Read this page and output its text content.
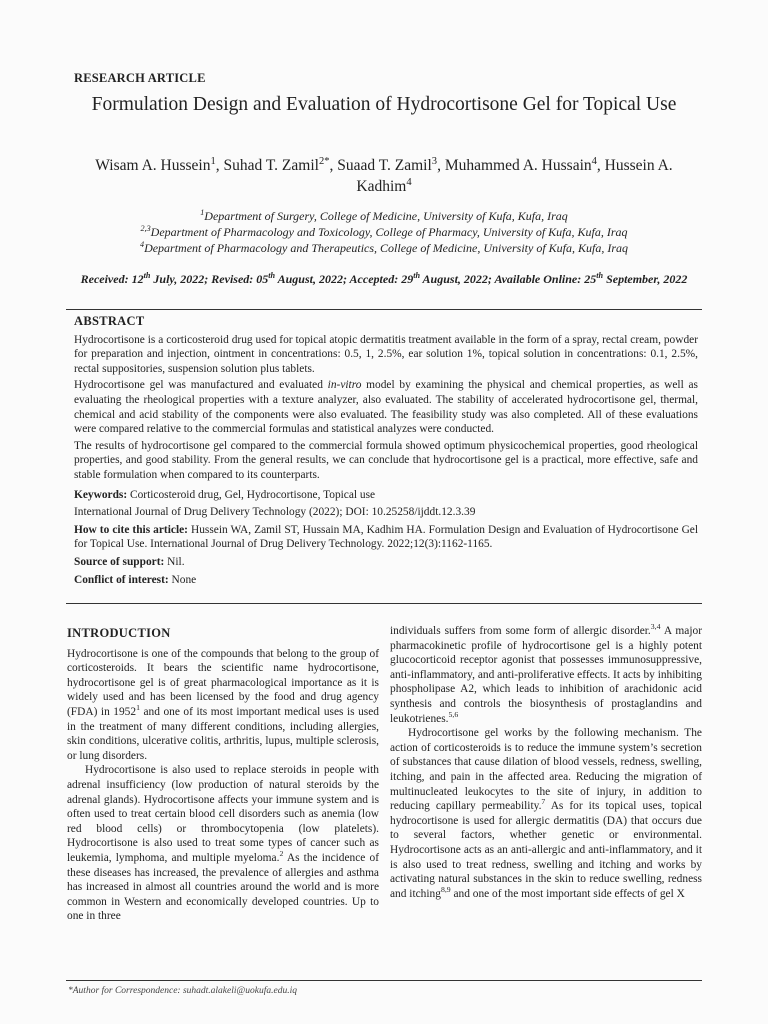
RESEARCH ARTICLE
Formulation Design and Evaluation of Hydrocortisone Gel for Topical Use
Wisam A. Hussein$^1$, Suhad T. Zamil$^{2*}$, Suaad T. Zamil$^3$, Muhammed A. Hussain$^4$, Hussein A. Kadhim$^4$
$^1$Department of Surgery, College of Medicine, University of Kufa, Kufa, Iraq
$^{2,3}$Department of Pharmacology and Toxicology, College of Pharmacy, University of Kufa, Kufa, Iraq
$^4$Department of Pharmacology and Therapeutics, College of Medicine, University of Kufa, Kufa, Iraq
Received: 12th July, 2022; Revised: 05th August, 2022; Accepted: 29th August, 2022; Available Online: 25th September, 2022
ABSTRACT

Hydrocortisone is a corticosteroid drug used for topical atopic dermatitis treatment available in the form of a spray, rectal cream, powder for preparation and injection, ointment in concentrations: 0.5, 1, 2.5%, ear solution 1%, topical solution in concentrations: 0.1, 2.5%, rectal suppositories, suspension solution plus tablets.

Hydrocortisone gel was manufactured and evaluated in-vitro model by examining the physical and chemical properties, as well as evaluating the rheological properties with a texture analyzer, also evaluated. The stability of accelerated hydrocortisone gel, thermal, chemical and acid stability of the components were also evaluated. The feasibility study was also completed. All of these evaluations were compared relative to the commercial formulas and statistical analyzes were conducted.

The results of hydrocortisone gel compared to the commercial formula showed optimum physicochemical properties, good rheological properties, and good stability. From the general results, we can conclude that hydrocortisone gel is a practical, more effective, safe and stable formulation when compared to its counterparts.

Keywords: Corticosteroid drug, Gel, Hydrocortisone, Topical use

International Journal of Drug Delivery Technology (2022); DOI: 10.25258/ijddt.12.3.39

How to cite this article: Hussein WA, Zamil ST, Hussain MA, Kadhim HA. Formulation Design and Evaluation of Hydrocortisone Gel for Topical Use. International Journal of Drug Delivery Technology. 2022;12(3):1162-1165.

Source of support: Nil.

Conflict of interest: None

INTRODUCTION

Hydrocortisone is one of the compounds that belong to the group of corticosteroids. It bears the scientific name hydrocortisone, hydrocortisone gel is of great pharmacological importance as it is widely used and has been licensed by the food and drug agency (FDA) in 1952$^1$ and one of its most important medical uses is used in the treatment of many different conditions, including allergies, skin conditions, ulcerative colitis, arthritis, lupus, multiple sclerosis, or lung disorders.

Hydrocortisone is also used to replace steroids in people with adrenal insufficiency (low production of natural steroids by the adrenal glands). Hydrocortisone affects your immune system and is often used to treat certain blood cell disorders such as anemia (low red blood cells) or thrombocytopenia (low platelets). Hydrocortisone is also used to treat some types of cancer such as leukemia, lymphoma, and multiple myeloma.$^2$ As the incidence of these diseases has increased, the prevalence of allergies and asthma has increased in almost all countries around the world and is more common in Western and economically developed countries. Up to one in three

individuals suffers from some form of allergic disorder.$^{3,4}$ A major pharmacokinetic profile of hydrocortisone gel is a highly potent glucocorticoid receptor agonist that possesses immunosuppressive, anti-inflammatory, and anti-proliferative effects. It acts by inhibiting phospholipase A2, which leads to inhibition of arachidonic acid synthesis and controls the biosynthesis of prostaglandins and leukotrienes.$^{5,6}$

Hydrocortisone gel works by the following mechanism. The action of corticosteroids is to reduce the immune system’s secretion of substances that cause dilation of blood vessels, redness, swelling, itching, and pain in the affected area. Reducing the migration of multinucleated leukocytes to the site of injury, in addition to reducing capillary permeability.$^7$ As for its topical uses, topical hydrocortisone is used for allergic dermatitis (DA) that occurs due to several factors, whether genetic or environmental. Hydrocortisone acts as an anti-allergic and anti-inflammatory, and it is also used to treat redness, swelling and itching and works by activating natural substances in the skin to reduce swelling, redness and itching$^{8,9}$ and one of the most important side effects of gel X

*Author for Correspondence: suhadt.alakeli@uokufa.edu.iq
